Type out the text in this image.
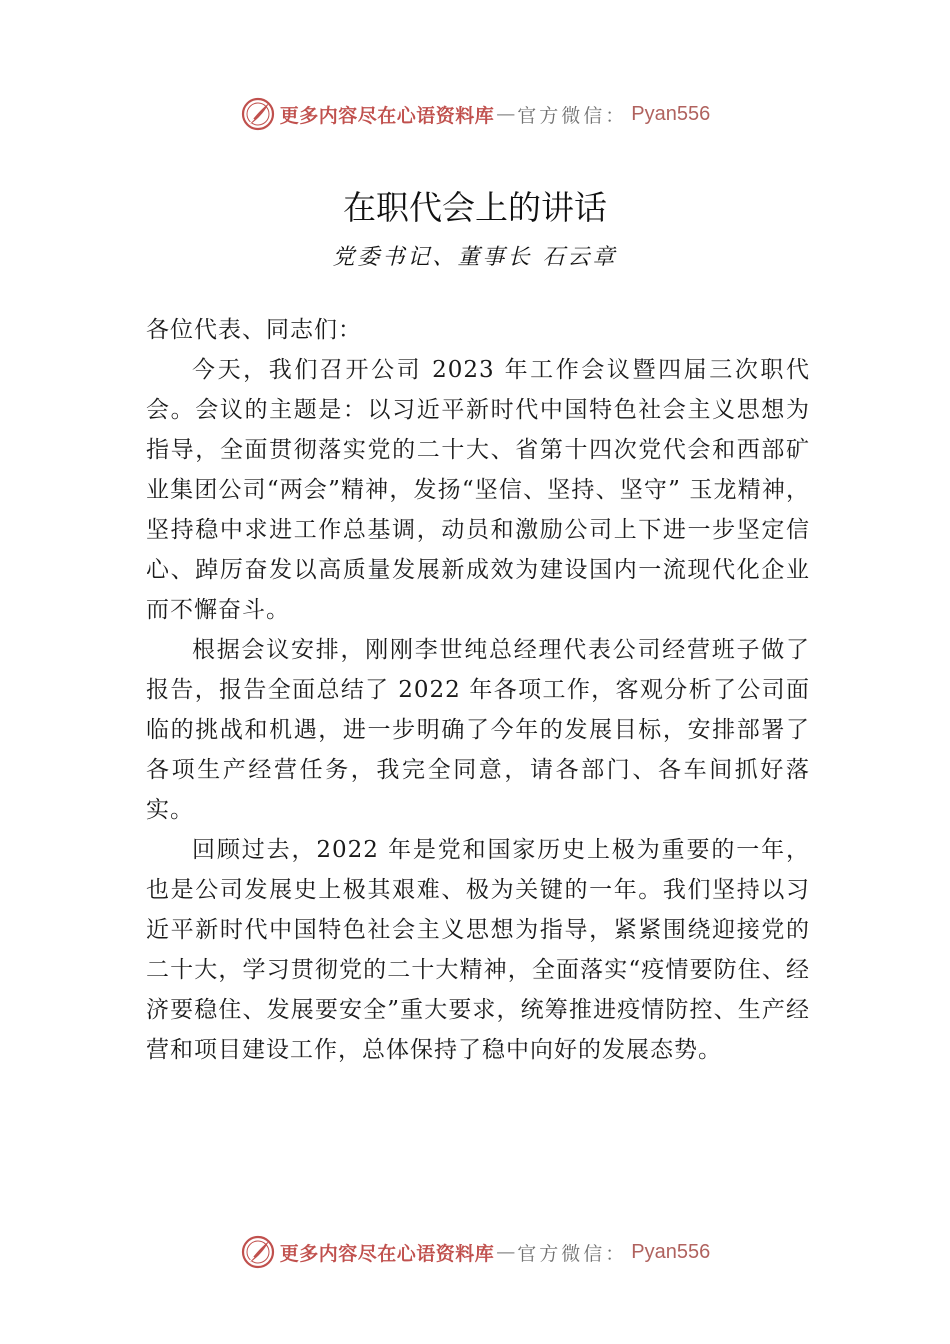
更多内容尽在心语资料库 — 官方微信： Pyan556
在职代会上的讲话
党委书记、董事长 石云章

各位代表、同志们：

今天，我们召开公司 2023 年工作会议暨四届三次职代会。会议的主题是：以习近平新时代中国特色社会主义思想为指导，全面贯彻落实党的二十大、省第十四次党代会和西部矿业集团公司“两会”精神，发扬“坚信、坚持、坚守” 玉龙精神，坚持稳中求进工作总基调，动员和激励公司上下进一步坚定信心、踔厉奋发以高质量发展新成效为建设国内一流现代化企业而不懈奋斗。

根据会议安排，刚刚李世纯总经理代表公司经营班子做了报告，报告全面总结了 2022 年各项工作，客观分析了公司面临的挑战和机遇，进一步明确了今年的发展目标，安排部署了各项生产经营任务，我完全同意，请各部门、各车间抓好落实。

回顾过去，2022 年是党和国家历史上极为重要的一年，也是公司发展史上极其艰难、极为关键的一年。我们坚持以习近平新时代中国特色社会主义思想为指导，紧紧围绕迎接党的二十大，学习贯彻党的二十大精神，全面落实“疫情要防住、经济要稳住、发展要安全”重大要求，统筹推进疫情防控、生产经营和项目建设工作，总体保持了稳中向好的发展态势。

更多内容尽在心语资料库 — 官方微信： Pyan556
